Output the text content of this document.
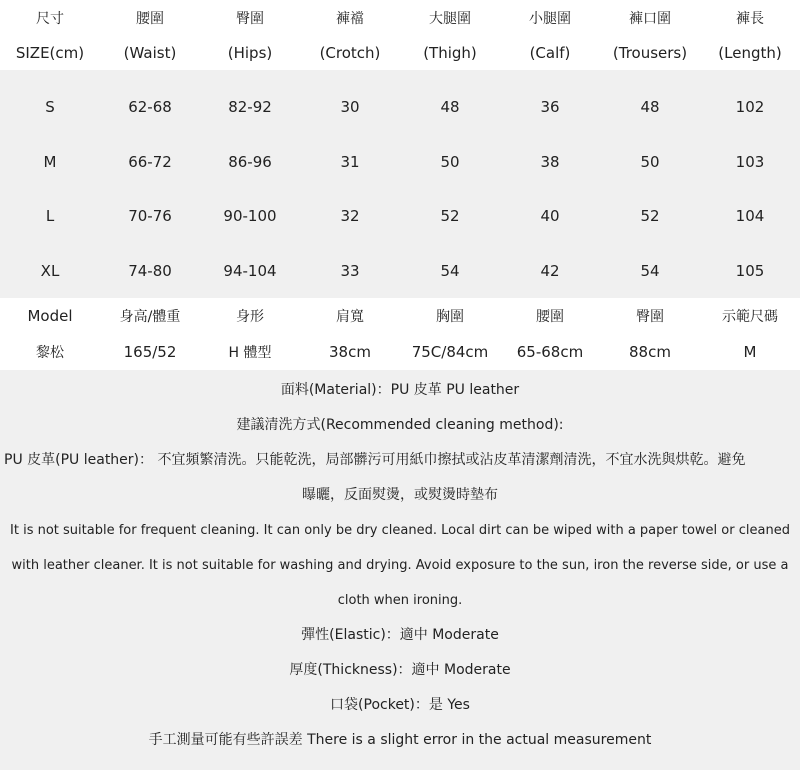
尺寸	腰圍	臀圍	褲襠	大腿圍	小腿圍	褲口圍	褲長
SIZE(cm)	(Waist)	(Hips)	(Crotch)	(Thigh)	(Calf)	(Trousers)	(Length)
S	62-68	82-92	30	48	36	48	102
M	66-72	86-96	31	50	38	50	103
L	70-76	90-100	32	52	40	52	104
XL	74-80	94-104	33	54	42	54	105
Model	身高/體重	身形	肩寬	胸圍	腰圍	臀圍	示範尺碼
黎松	165/52	H 體型	38cm	75C/84cm	65-68cm	88cm	M
面料(Material)：PU 皮革 PU leather
建議清洗方式(Recommended cleaning method):
PU 皮革(PU leather)： 不宜頻繁清洗。只能乾洗，局部髒污可用紙巾擦拭或沾皮革清潔劑清洗，不宜水洗與烘乾。避免
曝曬，反面熨燙，或熨燙時墊布
It is not suitable for frequent cleaning. It can only be dry cleaned. Local dirt can be wiped with a paper towel or cleaned
with leather cleaner. It is not suitable for washing and drying. Avoid exposure to the sun, iron the reverse side, or use a
cloth when ironing.
彈性(Elastic)：適中 Moderate
厚度(Thickness)：適中 Moderate
口袋(Pocket)：是 Yes
手工測量可能有些許誤差 There is a slight error in the actual measurement
